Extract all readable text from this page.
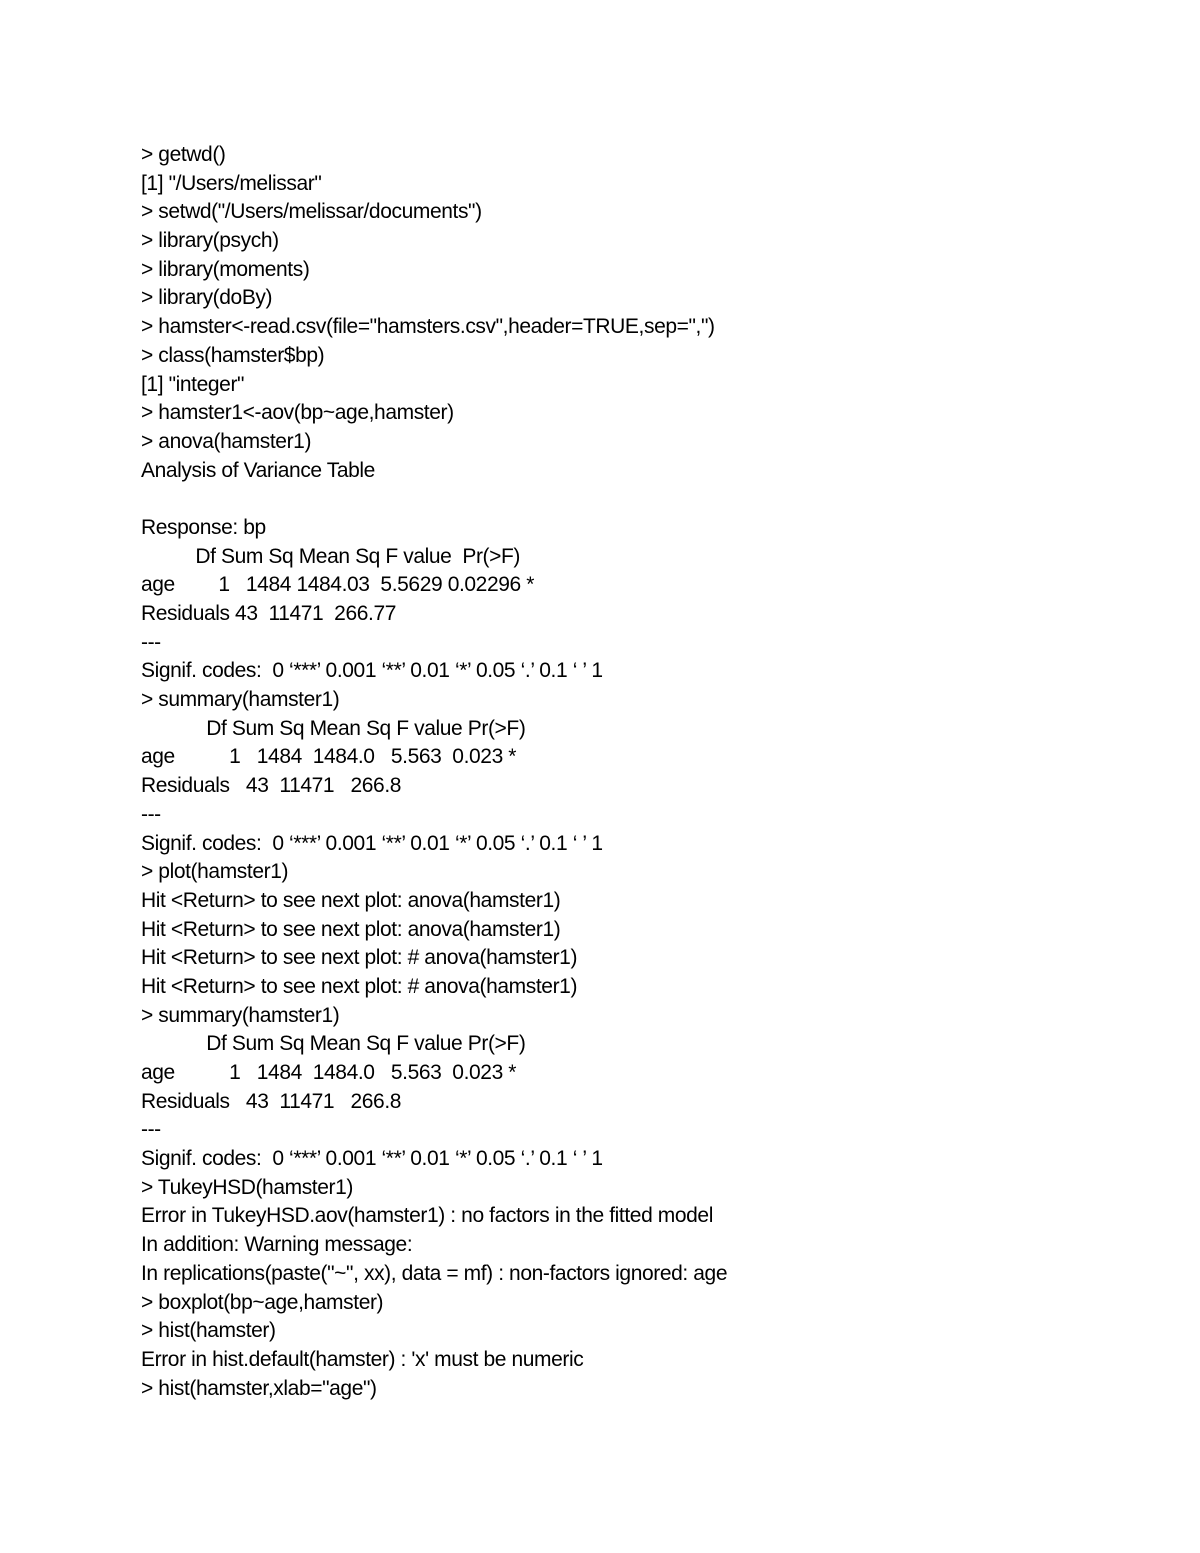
> getwd()
[1] "/Users/melissar"
> setwd("/Users/melissar/documents")
> library(psych)
> library(moments)
> library(doBy)
> hamster<-read.csv(file="hamsters.csv",header=TRUE,sep=",")
> class(hamster$bp)
[1] "integer"
> hamster1<-aov(bp~age,hamster)
> anova(hamster1)
Analysis of Variance Table
Response: bp
Df Sum Sq Mean Sq F value  Pr(>F)
age        1   1484 1484.03  5.5629 0.02296 *
Residuals 43  11471  266.77
---
Signif. codes:  0 ‘***’ 0.001 ‘**’ 0.01 ‘*’ 0.05 ‘.’ 0.1 ‘ ’ 1
> summary(hamster1)
Df Sum Sq Mean Sq F value Pr(>F)
age          1   1484  1484.0   5.563  0.023 *
Residuals   43  11471   266.8
---
Signif. codes:  0 ‘***’ 0.001 ‘**’ 0.01 ‘*’ 0.05 ‘.’ 0.1 ‘ ’ 1
> plot(hamster1)
Hit <Return> to see next plot: anova(hamster1)
Hit <Return> to see next plot: anova(hamster1)
Hit <Return> to see next plot: # anova(hamster1)
Hit <Return> to see next plot: # anova(hamster1)
> summary(hamster1)
Df Sum Sq Mean Sq F value Pr(>F)
age          1   1484  1484.0   5.563  0.023 *
Residuals   43  11471   266.8
---
Signif. codes:  0 ‘***’ 0.001 ‘**’ 0.01 ‘*’ 0.05 ‘.’ 0.1 ‘ ’ 1
> TukeyHSD(hamster1)
Error in TukeyHSD.aov(hamster1) : no factors in the fitted model
In addition: Warning message:
In replications(paste("~", xx), data = mf) : non-factors ignored: age
> boxplot(bp~age,hamster)
> hist(hamster)
Error in hist.default(hamster) : 'x' must be numeric
> hist(hamster,xlab="age")
